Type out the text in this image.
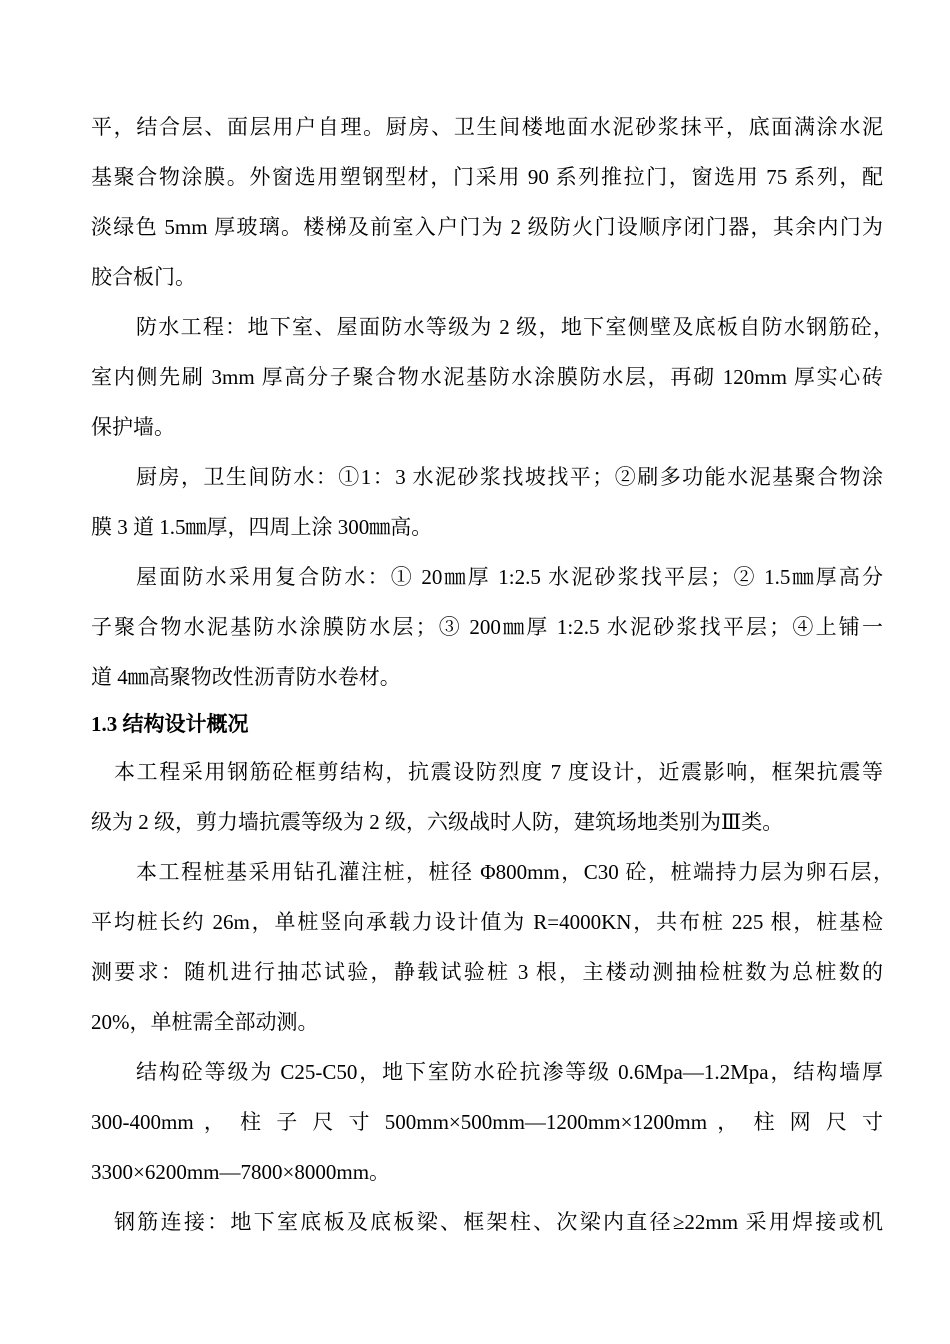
平，结合层、面层用户自理。厨房、卫生间楼地面水泥砂浆抹平，底面满涂水泥
基聚合物涂膜。外窗选用塑钢型材，门采用 90 系列推拉门，窗选用 75 系列，配
淡绿色 5mm 厚玻璃。楼梯及前室入户门为 2 级防火门设顺序闭门器，其余内门为
胶合板门。
防水工程：地下室、屋面防水等级为 2 级，地下室侧壁及底板自防水钢筋砼，
室内侧先刷 3mm 厚高分子聚合物水泥基防水涂膜防水层，再砌 120mm 厚实心砖
保护墙。
厨房，卫生间防水：①1：3 水泥砂浆找坡找平；②刷多功能水泥基聚合物涂
膜 3 道 1.5㎜厚，四周上涂 300㎜高。
屋面防水采用复合防水：① 20㎜厚 1:2.5 水泥砂浆找平层；② 1.5㎜厚高分
子聚合物水泥基防水涂膜防水层；③ 200㎜厚 1:2.5 水泥砂浆找平层；④上铺一
道 4㎜高聚物改性沥青防水卷材。
1.3 结构设计概况
本工程采用钢筋砼框剪结构，抗震设防烈度 7 度设计，近震影响，框架抗震等
级为 2 级，剪力墙抗震等级为 2 级，六级战时人防，建筑场地类别为Ⅲ类。
本工程桩基采用钻孔灌注桩，桩径 Φ800mm，C30 砼，桩端持力层为卵石层，
平均桩长约 26m，单桩竖向承载力设计值为 R=4000KN，共布桩 225 根，桩基检
测要求：随机进行抽芯试验，静载试验桩 3 根，主楼动测抽检桩数为总桩数的
20%，单桩需全部动测。
结构砼等级为 C25-C50，地下室防水砼抗渗等级 0.6Mpa—1.2Mpa，结构墙厚
300-400mm ， 柱 子 尺 寸 500mm×500mm—1200mm×1200mm ， 柱 网 尺 寸
3300×6200mm—7800×8000mm。
钢筋连接：地下室底板及底板梁、框架柱、次梁内直径≥22mm 采用焊接或机
